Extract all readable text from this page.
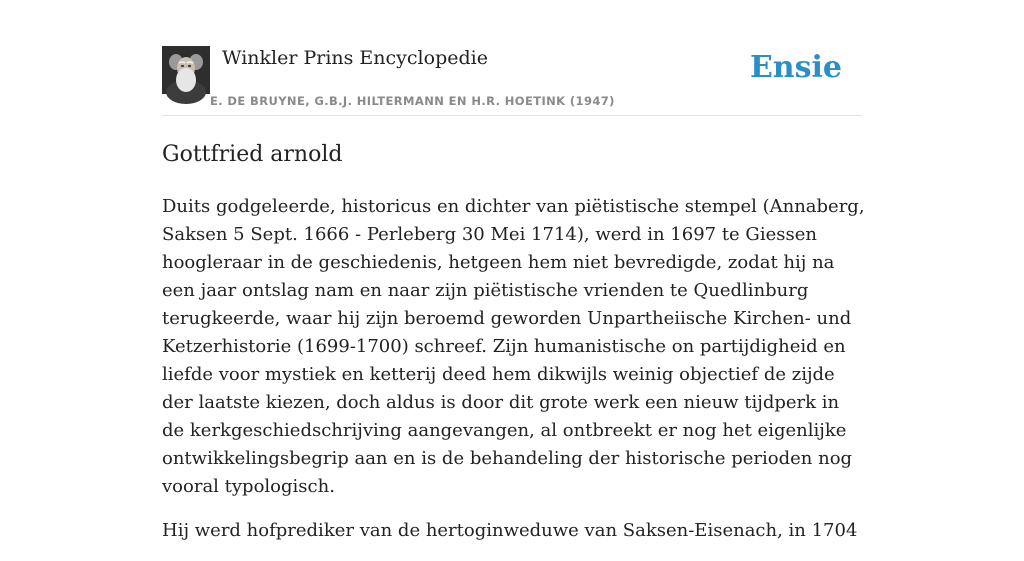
Winkler Prins Encyclopedie
E. DE BRUYNE, G.B.J. HILTERMANN EN H.R. HOETINK (1947)
Ensie
Gottfried arnold

Duits godgeleerde, historicus en dichter van piëtistische stempel (Annaberg, Saksen 5 Sept. 1666 - Perleberg 30 Mei 1714), werd in 1697 te Giessen hoogleraar in de geschiedenis, hetgeen hem niet bevredigde, zodat hij na een jaar ontslag nam en naar zijn piëtistische vrienden te Quedlinburg terugkeerde, waar hij zijn beroemd geworden Unpartheiische Kirchen- und Ketzerhistorie (1699-1700) schreef. Zijn humanistische on partijdigheid en liefde voor mystiek en ketterij deed hem dikwijls weinig objectief de zijde der laatste kiezen, doch aldus is door dit grote werk een nieuw tijdperk in de kerkgeschiedschrijving aangevangen, al ontbreekt er nog het eigenlijke ontwikkelingsbegrip aan en is de behandeling der historische perioden nog vooral typologisch.

Hij werd hofprediker van de hertoginweduwe van Saksen-Eisenach, in 1704
